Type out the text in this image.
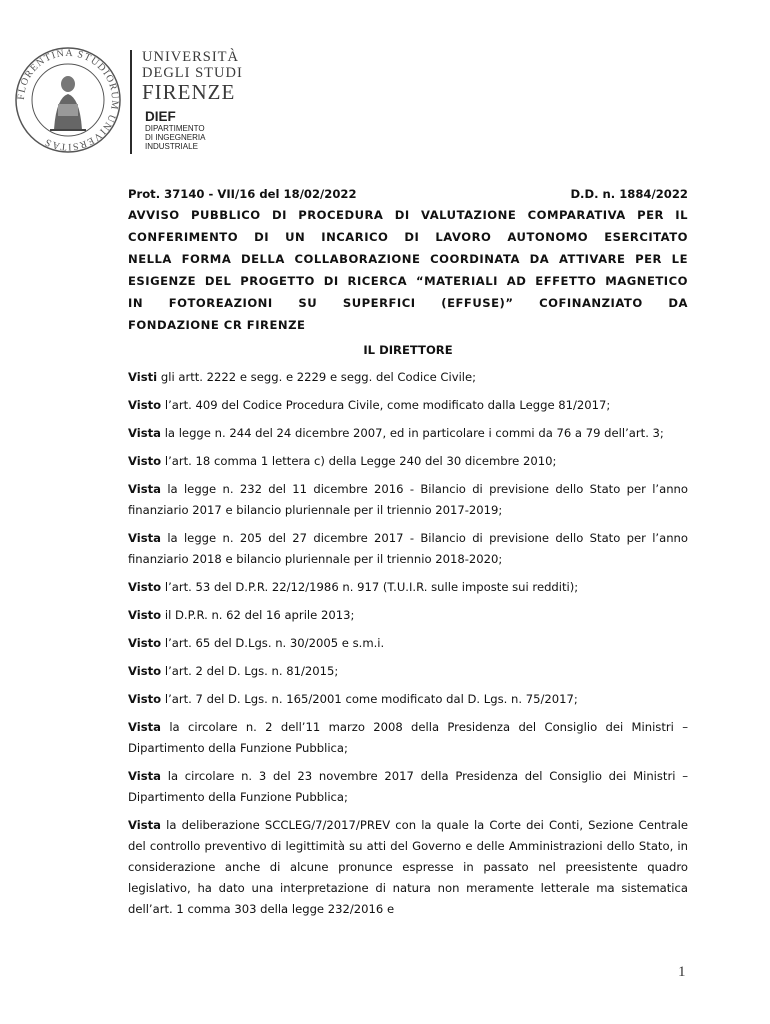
FLORENTINA STUDIORUM UNIVERSITAS
UNIVERSITÀ
DEGLI STUDI
FIRENZE
DIEF
DIPARTIMENTO
DI INGEGNERIA
INDUSTRIALE
Prot. 37140 - VII/16 del 18/02/2022	D.D. n. 1884/2022
AVVISO PUBBLICO DI PROCEDURA DI VALUTAZIONE COMPARATIVA PER IL
CONFERIMENTO DI UN INCARICO DI LAVORO AUTONOMO ESERCITATO
NELLA FORMA DELLA COLLABORAZIONE COORDINATA DA ATTIVARE PER LE
ESIGENZE DEL PROGETTO DI RICERCA “MATERIALI AD EFFETTO MAGNETICO
IN FOTOREAZIONI SU SUPERFICI (EFFUSE)” COFINANZIATO DA
FONDAZIONE CR FIRENZE
IL DIRETTORE
Visti gli artt. 2222 e segg. e 2229 e segg. del Codice Civile;
Visto l’art. 409 del Codice Procedura Civile, come modificato dalla Legge 81/2017;
Vista la legge n. 244 del 24 dicembre 2007, ed in particolare i commi da 76 a 79 dell’art. 3;
Visto l’art. 18 comma 1 lettera c) della Legge 240 del 30 dicembre 2010;
Vista la legge n. 232 del 11 dicembre 2016 - Bilancio di previsione dello Stato per l’anno finanziario 2017 e bilancio pluriennale per il triennio 2017-2019;
Vista la legge n. 205 del 27 dicembre 2017 - Bilancio di previsione dello Stato per l’anno finanziario 2018 e bilancio pluriennale per il triennio 2018-2020;
Visto l’art. 53 del D.P.R. 22/12/1986 n. 917 (T.U.I.R. sulle imposte sui redditi);
Visto il D.P.R. n. 62 del 16 aprile 2013;
Visto l’art. 65 del D.Lgs. n. 30/2005 e s.m.i.
Visto l’art. 2 del D. Lgs. n. 81/2015;
Visto l’art. 7 del D. Lgs. n. 165/2001 come modificato dal D. Lgs. n. 75/2017;
Vista la circolare n. 2 dell’11 marzo 2008 della Presidenza del Consiglio dei Ministri – Dipartimento della Funzione Pubblica;
Vista la circolare n. 3 del 23 novembre 2017 della Presidenza del Consiglio dei Ministri – Dipartimento della Funzione Pubblica;
Vista la deliberazione SCCLEG/7/2017/PREV con la quale la Corte dei Conti, Sezione Centrale del controllo preventivo di legittimità su atti del Governo e delle Amministrazioni dello Stato, in considerazione anche di alcune pronunce espresse in passato nel preesistente quadro legislativo, ha dato una interpretazione di natura non meramente letterale ma sistematica dell’art. 1 comma 303 della legge 232/2016 e
1
